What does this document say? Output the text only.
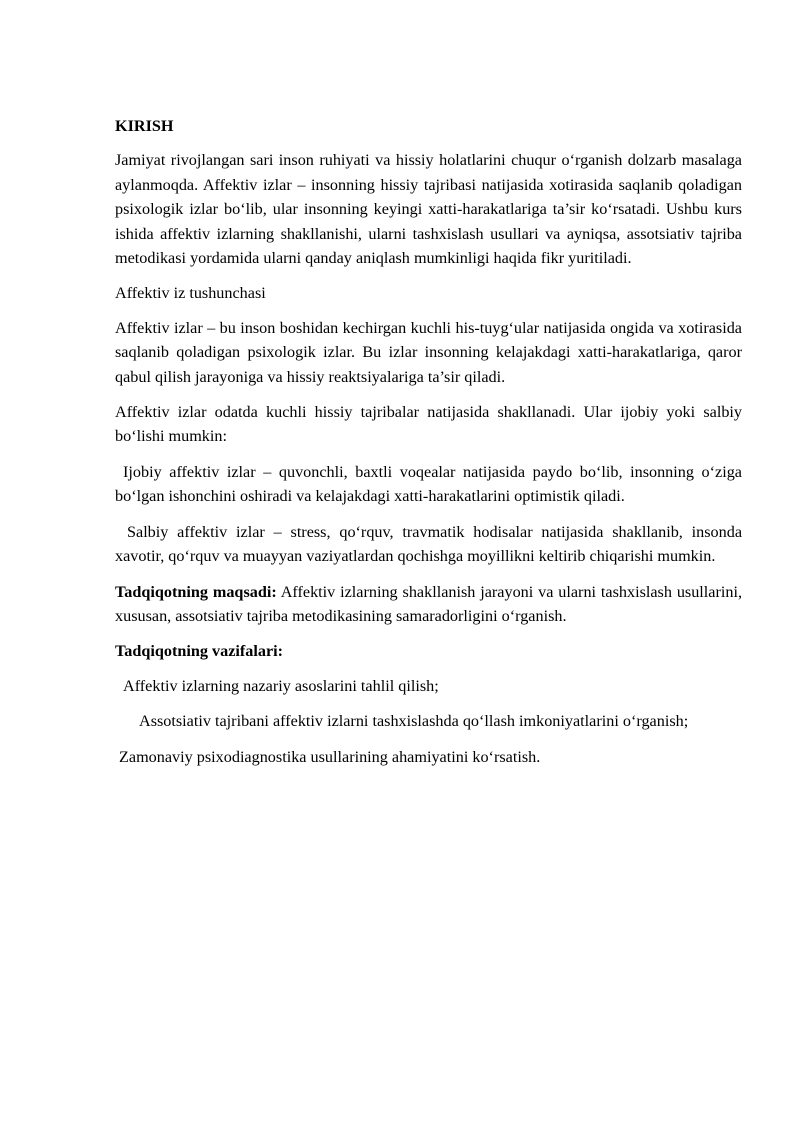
KIRISH

Jamiyat rivojlangan sari inson ruhiyati va hissiy holatlarini chuqur o‘rganish dolzarb masalaga aylanmoqda. Affektiv izlar – insonning hissiy tajribasi natijasida xotirasida saqlanib qoladigan psixologik izlar bo‘lib, ular insonning keyingi xatti-harakatlariga ta’sir ko‘rsatadi. Ushbu kurs ishida affektiv izlarning shakllanishi, ularni tashxislash usullari va ayniqsa, assotsiativ tajriba metodikasi yordamida ularni qanday aniqlash mumkinligi haqida fikr yuritiladi.

Affektiv iz tushunchasi

Affektiv izlar – bu inson boshidan kechirgan kuchli his-tuyg‘ular natijasida ongida va xotirasida saqlanib qoladigan psixologik izlar. Bu izlar insonning kelajakdagi xatti-harakatlariga, qaror qabul qilish jarayoniga va hissiy reaktsiyalariga ta’sir qiladi.

Affektiv izlar odatda kuchli hissiy tajribalar natijasida shakllanadi. Ular ijobiy yoki salbiy bo‘lishi mumkin:

Ijobiy affektiv izlar – quvonchli, baxtli voqealar natijasida paydo bo‘lib, insonning o‘ziga bo‘lgan ishonchini oshiradi va kelajakdagi xatti-harakatlarini optimistik qiladi.

Salbiy affektiv izlar – stress, qo‘rquv, travmatik hodisalar natijasida shakllanib, insonda xavotir, qo‘rquv va muayyan vaziyatlardan qochishga moyillikni keltirib chiqarishi mumkin.

Tadqiqotning maqsadi: Affektiv izlarning shakllanish jarayoni va ularni tashxislash usullarini, xususan, assotsiativ tajriba metodikasining samaradorligini o‘rganish.

Tadqiqotning vazifalari:

Affektiv izlarning nazariy asoslarini tahlil qilish;

Assotsiativ tajribani affektiv izlarni tashxislashda qo‘llash imkoniyatlarini o‘rganish;

Zamonaviy psixodiagnostika usullarining ahamiyatini ko‘rsatish.
